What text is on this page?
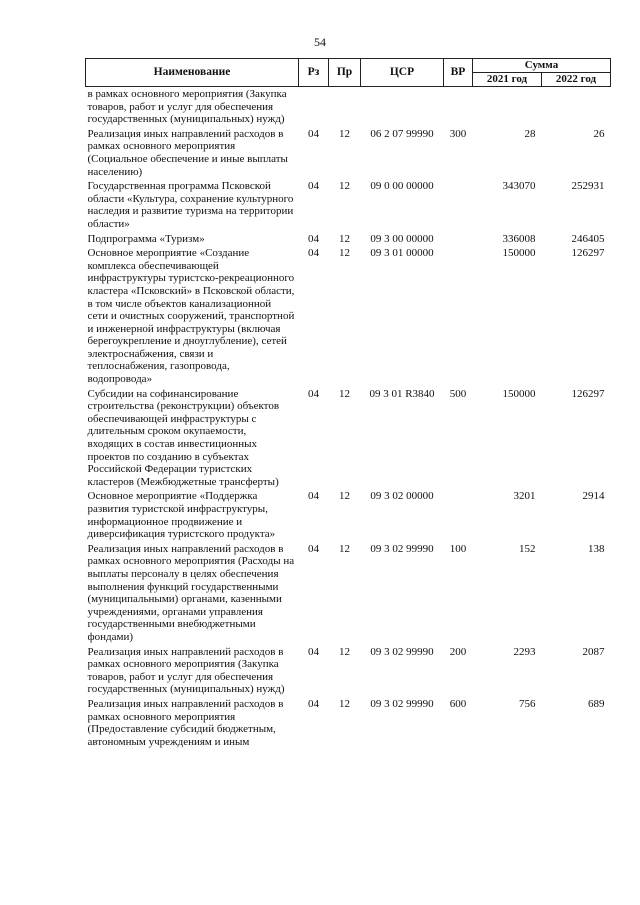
54
Наименование	Рз	Пр	ЦСР	ВР	Сумма	
					2021 год	2022 год
в рамках основного мероприятия (Закупка товаров, работ и услуг для обеспечения государственных (муниципальных) нужд)						
Реализация иных направлений расходов в рамках основного мероприятия (Социальное обеспечение и иные выплаты населению)	04	12	06 2 07 99990	300	28	26
Государственная программа Псковской области «Культура, сохранение культурного наследия и развитие туризма на территории области»	04	12	09 0 00 00000		343070	252931
Подпрограмма «Туризм»	04	12	09 3 00 00000		336008	246405
Основное мероприятие «Создание комплекса обеспечивающей инфраструктуры туристско-рекреационного кластера «Псковский» в Псковской области, в том числе объектов канализационной сети и очистных сооружений, транспортной и инженерной инфраструктуры (включая берегоукрепление и дноуглубление), сетей электроснабжения, связи и теплоснабжения, газопровода, водопровода»	04	12	09 3 01 00000		150000	126297
Субсидии на софинансирование строительства (реконструкции) объектов обеспечивающей инфраструктуры с длительным сроком окупаемости, входящих в состав инвестиционных проектов по созданию в субъектах Российской Федерации туристских кластеров (Межбюджетные трансферты)	04	12	09 3 01 R3840	500	150000	126297
Основное мероприятие «Поддержка развития туристской инфраструктуры, информационное продвижение и диверсификация туристского продукта»	04	12	09 3 02 00000		3201	2914
Реализация иных направлений расходов в рамках основного мероприятия (Расходы на выплаты персоналу в целях обеспечения выполнения функций государственными (муниципальными) органами, казенными учреждениями, органами управления государственными внебюджетными фондами)	04	12	09 3 02 99990	100	152	138
Реализация иных направлений расходов в рамках основного мероприятия (Закупка товаров, работ и услуг для обеспечения государственных (муниципальных) нужд)	04	12	09 3 02 99990	200	2293	2087
Реализация иных направлений расходов в рамках основного мероприятия (Предоставление субсидий бюджетным, автономным учреждениям и иным	04	12	09 3 02 99990	600	756	689
